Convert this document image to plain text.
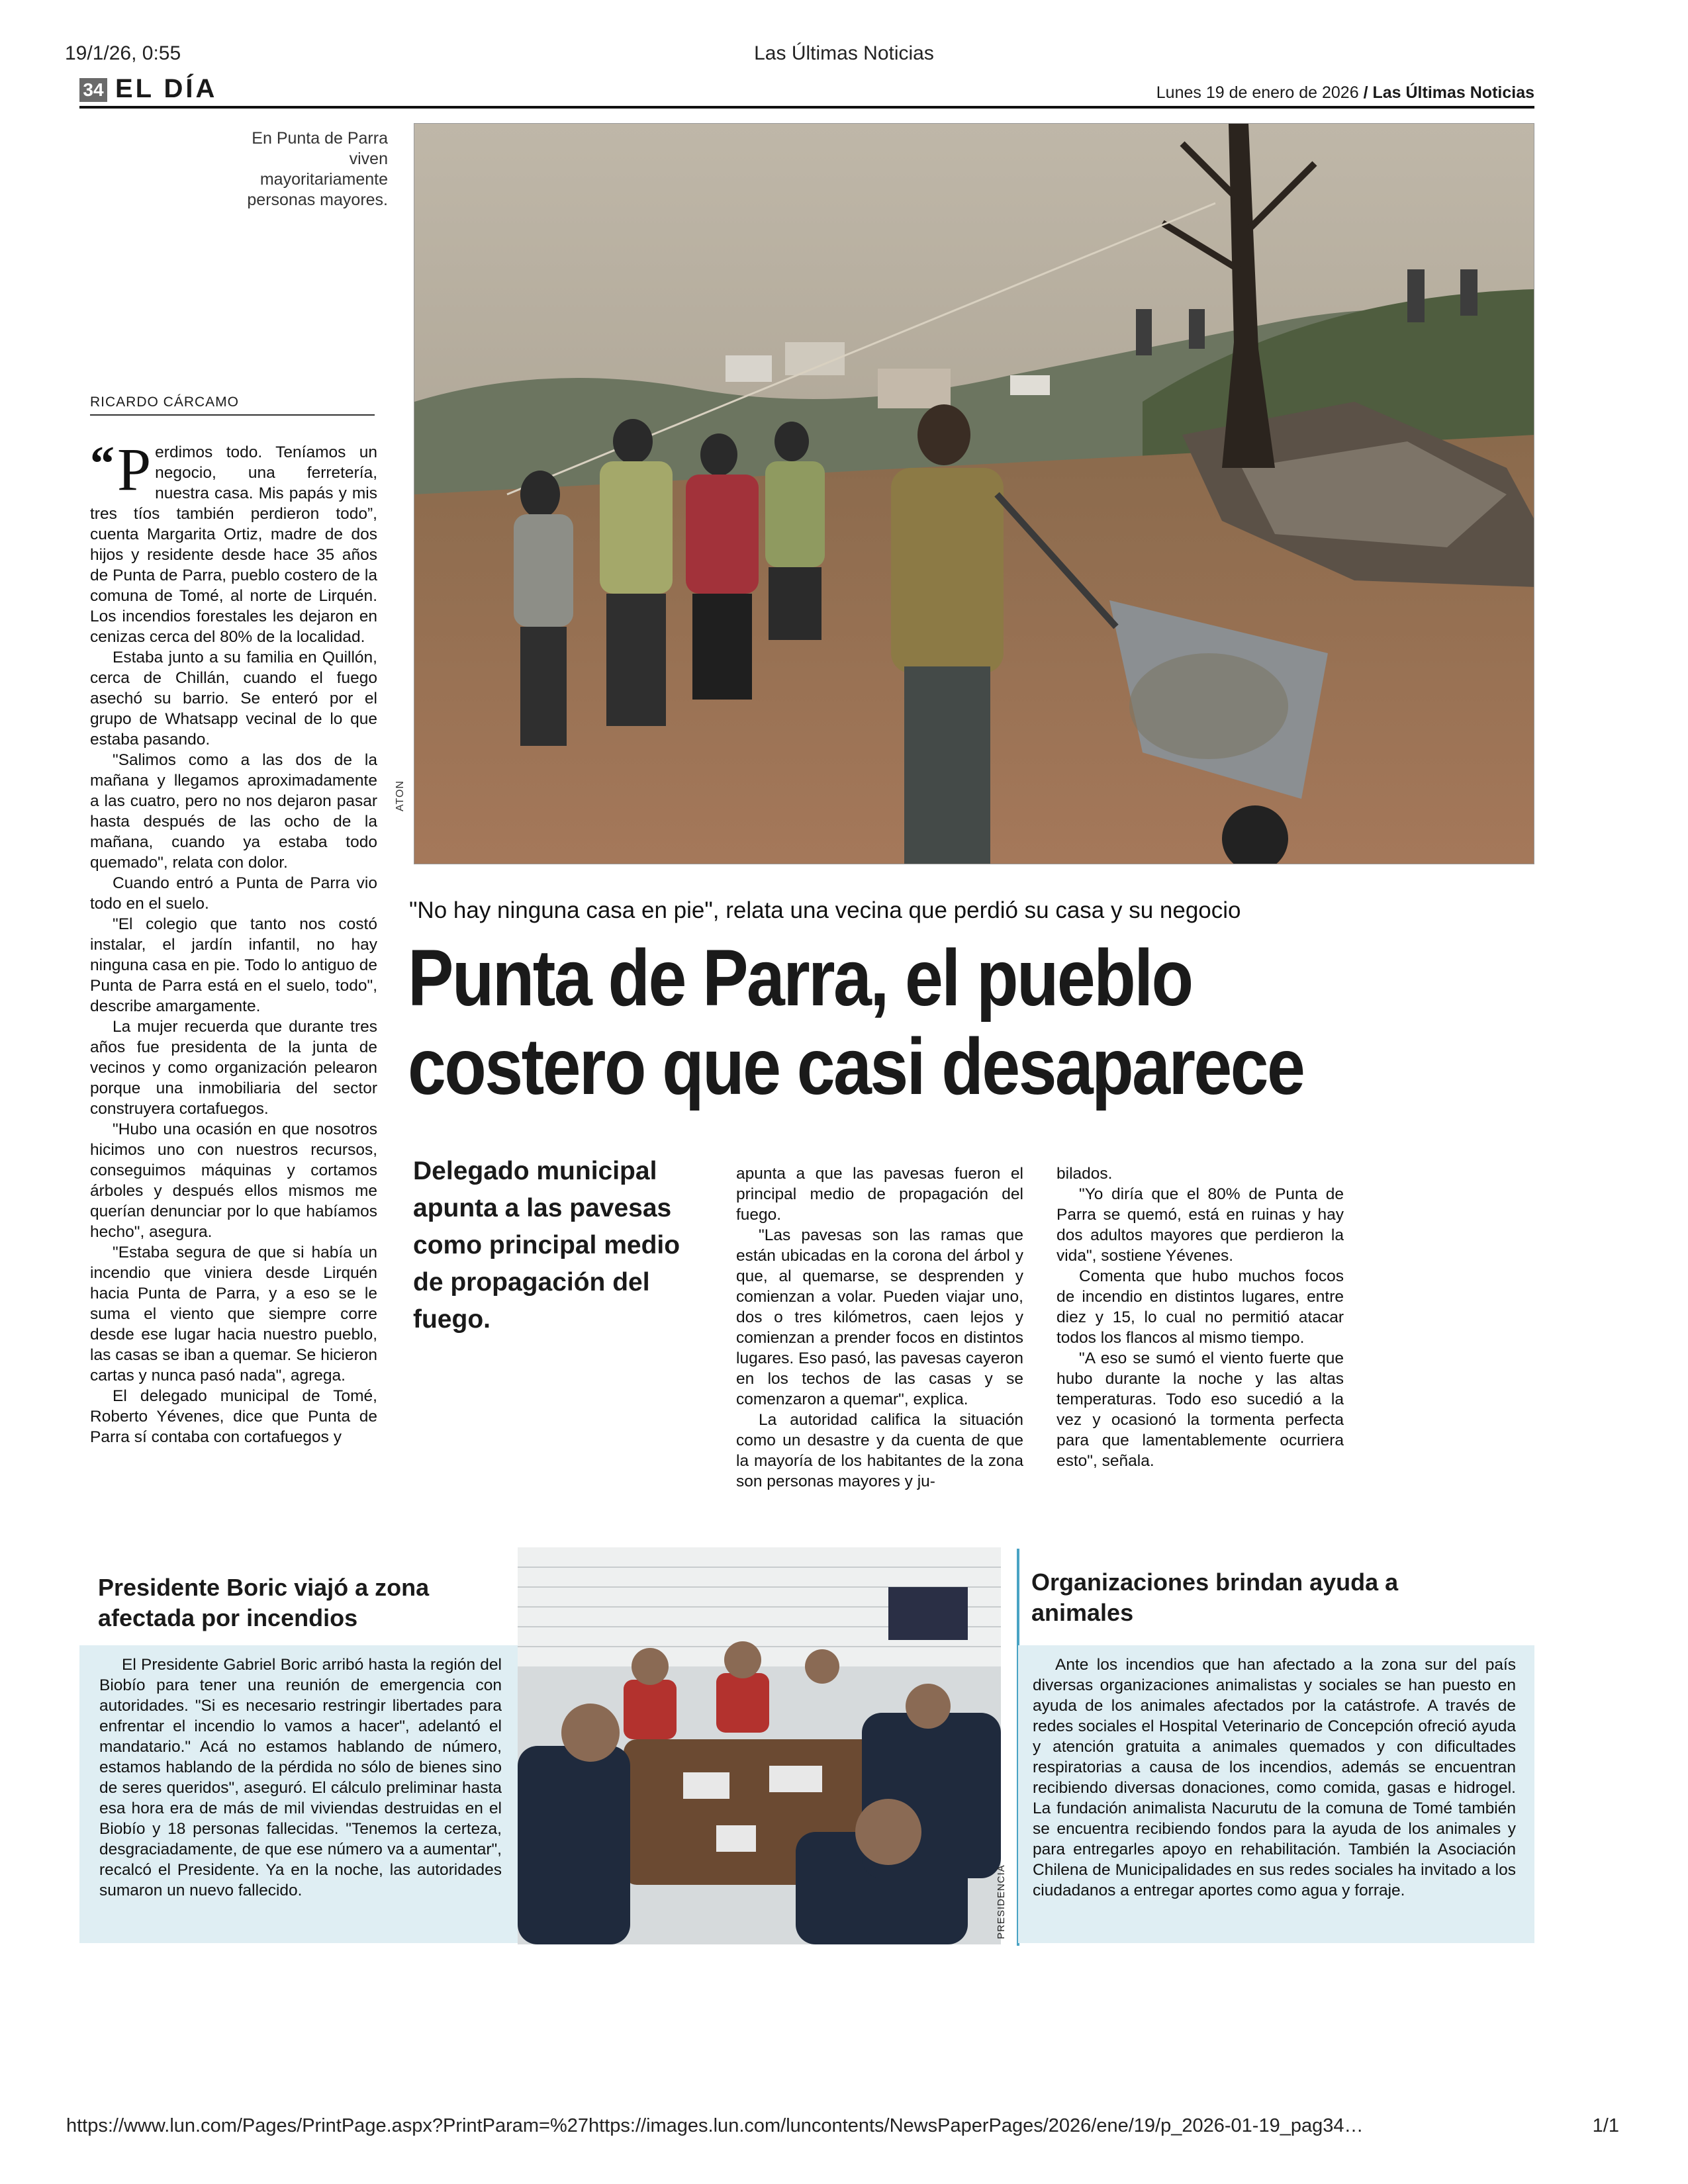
19/1/26, 0:55	Las Últimas Noticias
34 EL DÍA	Lunes 19 de enero de 2026 / Las Últimas Noticias
En Punta de Parra viven mayoritariamente personas mayores.
ATON
RICARDO CÁRCAMO

“ P erdimos todo. Teníamos un negocio, una ferretería, nuestra casa. Mis papás y mis tres tíos también perdieron todo”, cuenta Margarita Ortiz, madre de dos hijos y residente desde hace 35 años de Punta de Parra, pueblo costero de la comuna de Tomé, al norte de Lirquén. Los incendios forestales les dejaron en cenizas cerca del 80% de la localidad.

Estaba junto a su familia en Quillón, cerca de Chillán, cuando el fuego asechó su barrio. Se enteró por el grupo de Whatsapp vecinal de lo que estaba pasando.

"Salimos como a las dos de la mañana y llegamos aproximadamente a las cuatro, pero no nos dejaron pasar hasta después de las ocho de la mañana, cuando ya estaba todo quemado", relata con dolor.

Cuando entró a Punta de Parra vio todo en el suelo.

"El colegio que tanto nos costó instalar, el jardín infantil, no hay ninguna casa en pie. Todo lo antiguo de Punta de Parra está en el suelo, todo", describe amargamente.

La mujer recuerda que durante tres años fue presidenta de la junta de vecinos y como organización pelearon porque una inmobiliaria del sector construyera cortafuegos.

"Hubo una ocasión en que nosotros hicimos uno con nuestros recursos, conseguimos máquinas y cortamos árboles y después ellos mismos me querían denunciar por lo que habíamos hecho", asegura.

"Estaba segura de que si había un incendio que viniera desde Lirquén hacia Punta de Parra, y a eso se le suma el viento que siempre corre desde ese lugar hacia nuestro pueblo, las casas se iban a quemar. Se hicieron cartas y nunca pasó nada", agrega.

El delegado municipal de Tomé, Roberto Yévenes, dice que Punta de Parra sí contaba con cortafuegos y

"No hay ninguna casa en pie", relata una vecina que perdió su casa y su negocio
Punta de Parra, el pueblo
costero que casi desaparece
Delegado municipal apunta a las pavesas como principal medio de propagación del fuego.

apunta a que las pavesas fueron el principal medio de propagación del fuego.

"Las pavesas son las ramas que están ubicadas en la corona del árbol y que, al quemarse, se desprenden y comienzan a volar. Pueden viajar uno, dos o tres kilómetros, caen lejos y comienzan a prender focos en distintos lugares. Eso pasó, las pavesas cayeron en los techos de las casas y se comenzaron a quemar", explica.

La autoridad califica la situación como un desastre y da cuenta de que la mayoría de los habitantes de la zona son personas mayores y ju-

bilados.

"Yo diría que el 80% de Punta de Parra se quemó, está en ruinas y hay dos adultos mayores que perdieron la vida", sostiene Yévenes.

Comenta que hubo muchos focos de incendio en distintos lugares, entre diez y 15, lo cual no permitió atacar todos los flancos al mismo tiempo.

"A eso se sumó el viento fuerte que hubo durante la noche y las altas temperaturas. Todo eso sucedió a la vez y ocasionó la tormenta perfecta para que lamentablemente ocurriera esto", señala.

Presidente Boric viajó a zona afectada por incendios

El Presidente Gabriel Boric arribó hasta la región del Biobío para tener una reunión de emergencia con autoridades. "Si es necesario restringir libertades para enfrentar el incendio lo vamos a hacer", adelantó el mandatario." Acá no estamos hablando de número, estamos hablando de la pérdida no sólo de bienes sino de seres queridos", aseguró. El cálculo preliminar hasta esa hora era de más de mil viviendas destruidas en el Biobío y 18 personas fallecidas. "Tenemos la certeza, desgraciadamente, de que ese número va a aumentar", recalcó el Presidente. Ya en la noche, las autoridades sumaron un nuevo fallecido.	PRESIDENCIA
Organizaciones brindan ayuda a animales

Ante los incendios que han afectado a la zona sur del país diversas organizaciones animalistas y sociales se han puesto en ayuda de los animales afectados por la catástrofe. A través de redes sociales el Hospital Veterinario de Concepción ofreció ayuda y atención gratuita a animales quemados y con dificultades respiratorias a causa de los incendios, además se encuentran recibiendo diversas donaciones, como comida, gasas e hidrogel. La fundación animalista Nacurutu de la comuna de Tomé también se encuentra recibiendo fondos para la ayuda de los animales y para entregarles apoyo en rehabilitación. También la Asociación Chilena de Municipalidades en sus redes sociales ha invitado a los ciudadanos a entregar aportes como agua y forraje.

https://www.lun.com/Pages/PrintPage.aspx?PrintParam=%27https://images.lun.com/luncontents/NewsPaperPages/2026/ene/19/p_2026-01-19_pag34…	1/1
